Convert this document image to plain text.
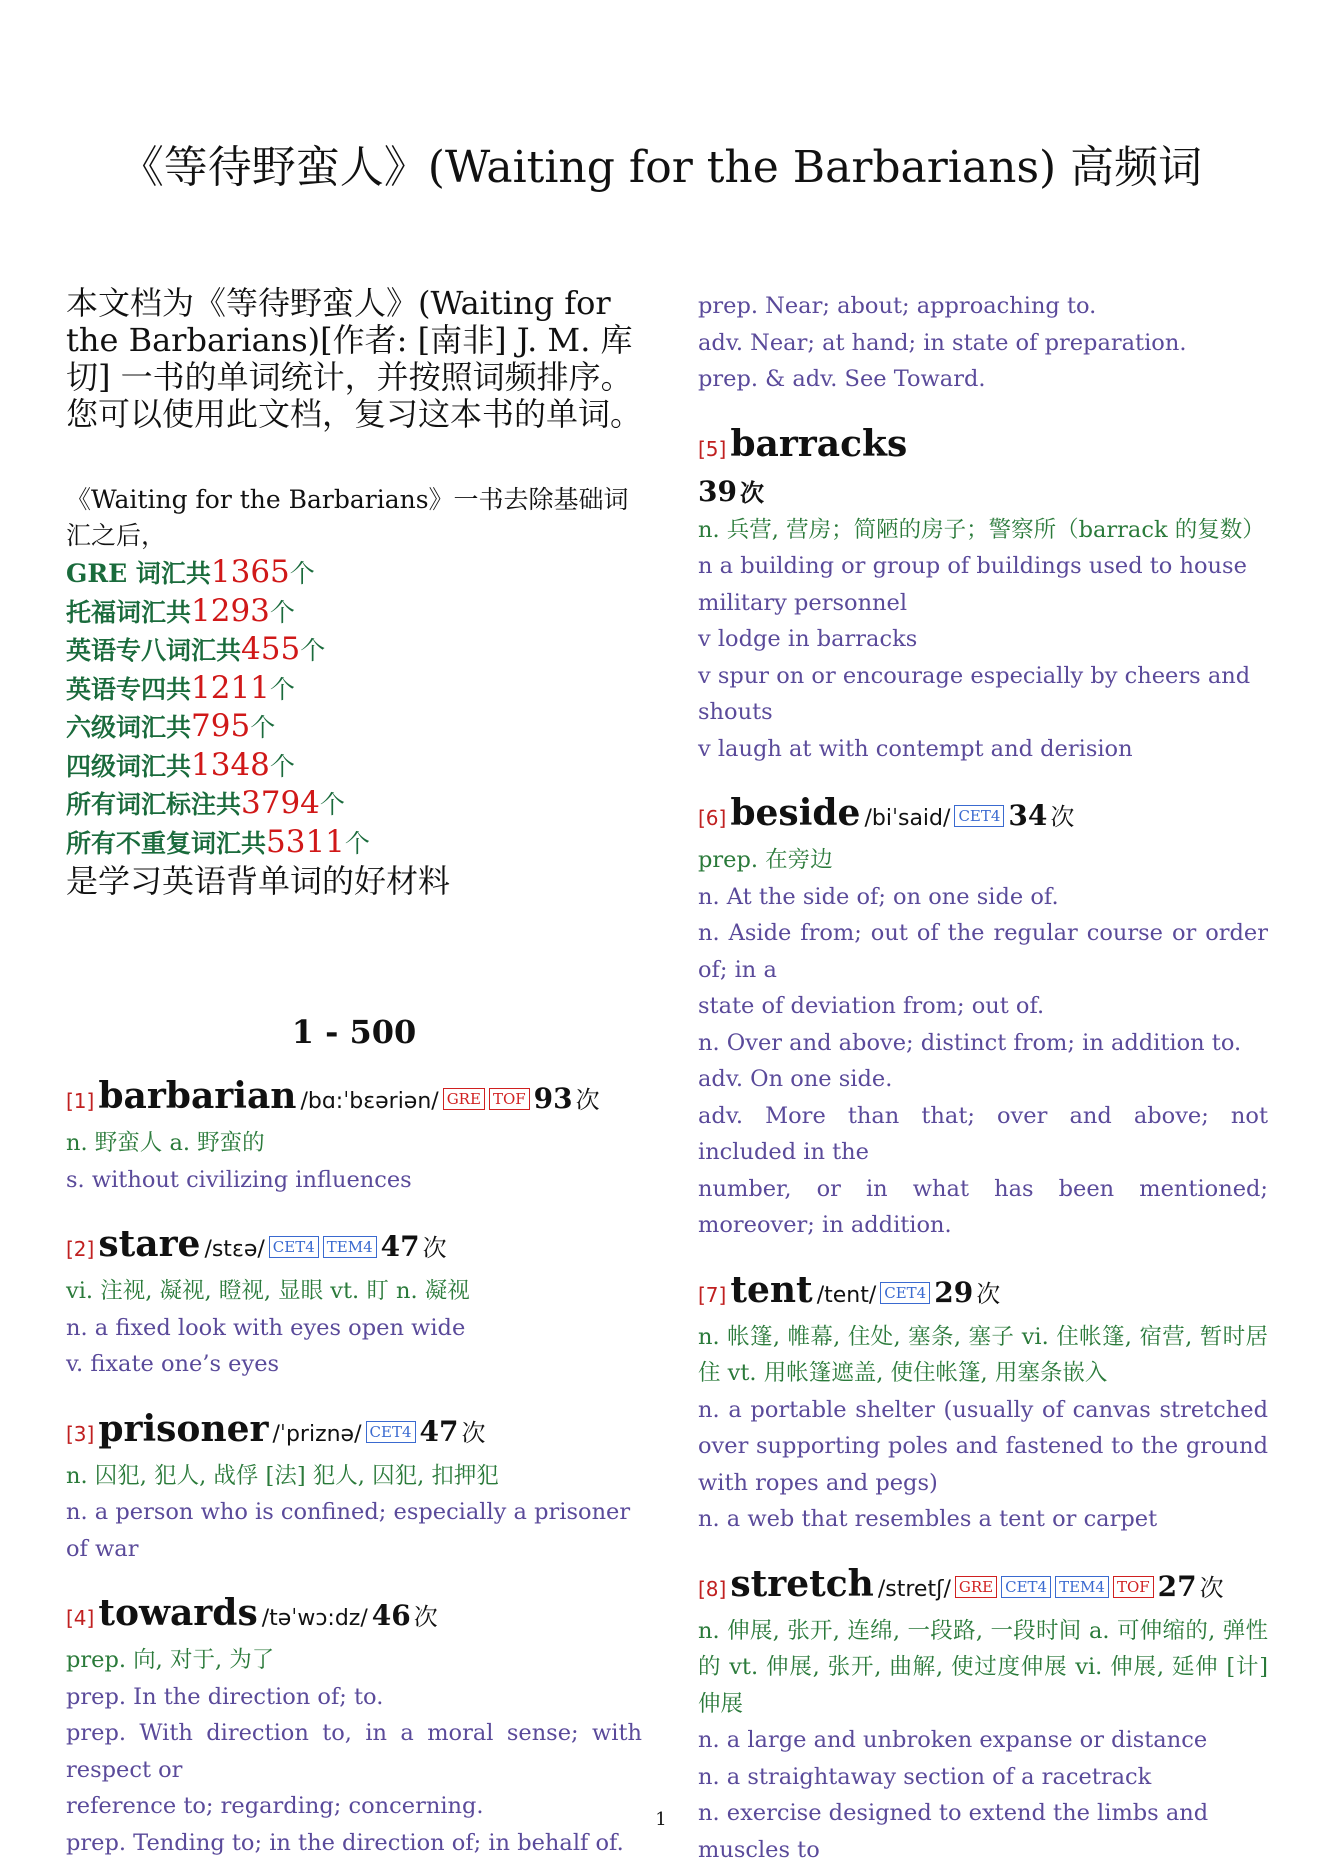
《等待野蛮人》(Waiting for the Barbarians) 高频词

本文档为《等待野蛮人》(Waiting for the Barbarians)[作者: [南非] J. M. 库切] 一书的单词统计，并按照词频排序。您可以使用此文档，复习这本书的单词。

《Waiting for the Barbarians》一书去除基础词汇之后，

GRE 词汇共1365个
托福词汇共1293个
英语专八词汇共455个
英语专四共1211个
六级词汇共795个
四级词汇共1348个
所有词汇标注共3794个
所有不重复词汇共5311个

是学习英语背单词的好材料

1 - 500
[1] barbarian /bɑ:ˈbɛəriən/ GRE TOF 93 次

n. 野蛮人 a. 野蛮的

s. without civilizing influences

[2] stare /stεə/ CET4 TEM4 47 次

vi. 注视, 凝视, 瞪视, 显眼 vt. 盯 n. 凝视

n. a fixed look with eyes open wide

v. fixate one’s eyes

[3] prisoner /ˈpriznə/ CET4 47 次

n. 囚犯, 犯人, 战俘 [法] 犯人, 囚犯, 扣押犯

n. a person who is confined; especially a prisoner of war

[4] towards /təˈwɔ:dz/ 46 次

prep. 向, 对于, 为了

prep. In the direction of; to.

prep. With direction to, in a moral sense; with respect or

reference to; regarding; concerning.

prep. Tending to; in the direction of; in behalf of.

prep. Near; about; approaching to.

adv. Near; at hand; in state of preparation.

prep. & adv. See Toward.

[5] barracks
39 次

n. 兵营, 营房；简陋的房子；警察所（barrack 的复数）

n a building or group of buildings used to house military personnel

v lodge in barracks

v spur on or encourage especially by cheers and shouts

v laugh at with contempt and derision

[6] beside /biˈsaid/ CET4 34 次

prep. 在旁边

n. At the side of; on one side of.

n. Aside from; out of the regular course or order of; in a

state of deviation from; out of.

n. Over and above; distinct from; in addition to.

adv. On one side.

adv. More than that; over and above; not included in the

number, or in what has been mentioned; moreover; in addition.

[7] tent /tent/ CET4 29 次

n. 帐篷, 帷幕, 住处, 塞条, 塞子 vi. 住帐篷, 宿营, 暂时居住 vt. 用帐篷遮盖, 使住帐篷, 用塞条嵌入

n. a portable shelter (usually of canvas stretched over supporting poles and fastened to the ground with ropes and pegs)

n. a web that resembles a tent or carpet

[8] stretch /stretʃ/ GRE CET4 TEM4 TOF 27 次

n. 伸展, 张开, 连绵, 一段路, 一段时间 a. 可伸缩的, 弹性的 vt. 伸展, 张开, 曲解, 使过度伸展 vi. 伸展, 延伸 [计] 伸展

n. a large and unbroken expanse or distance

n. a straightaway section of a racetrack

n. exercise designed to extend the limbs and muscles to

1
